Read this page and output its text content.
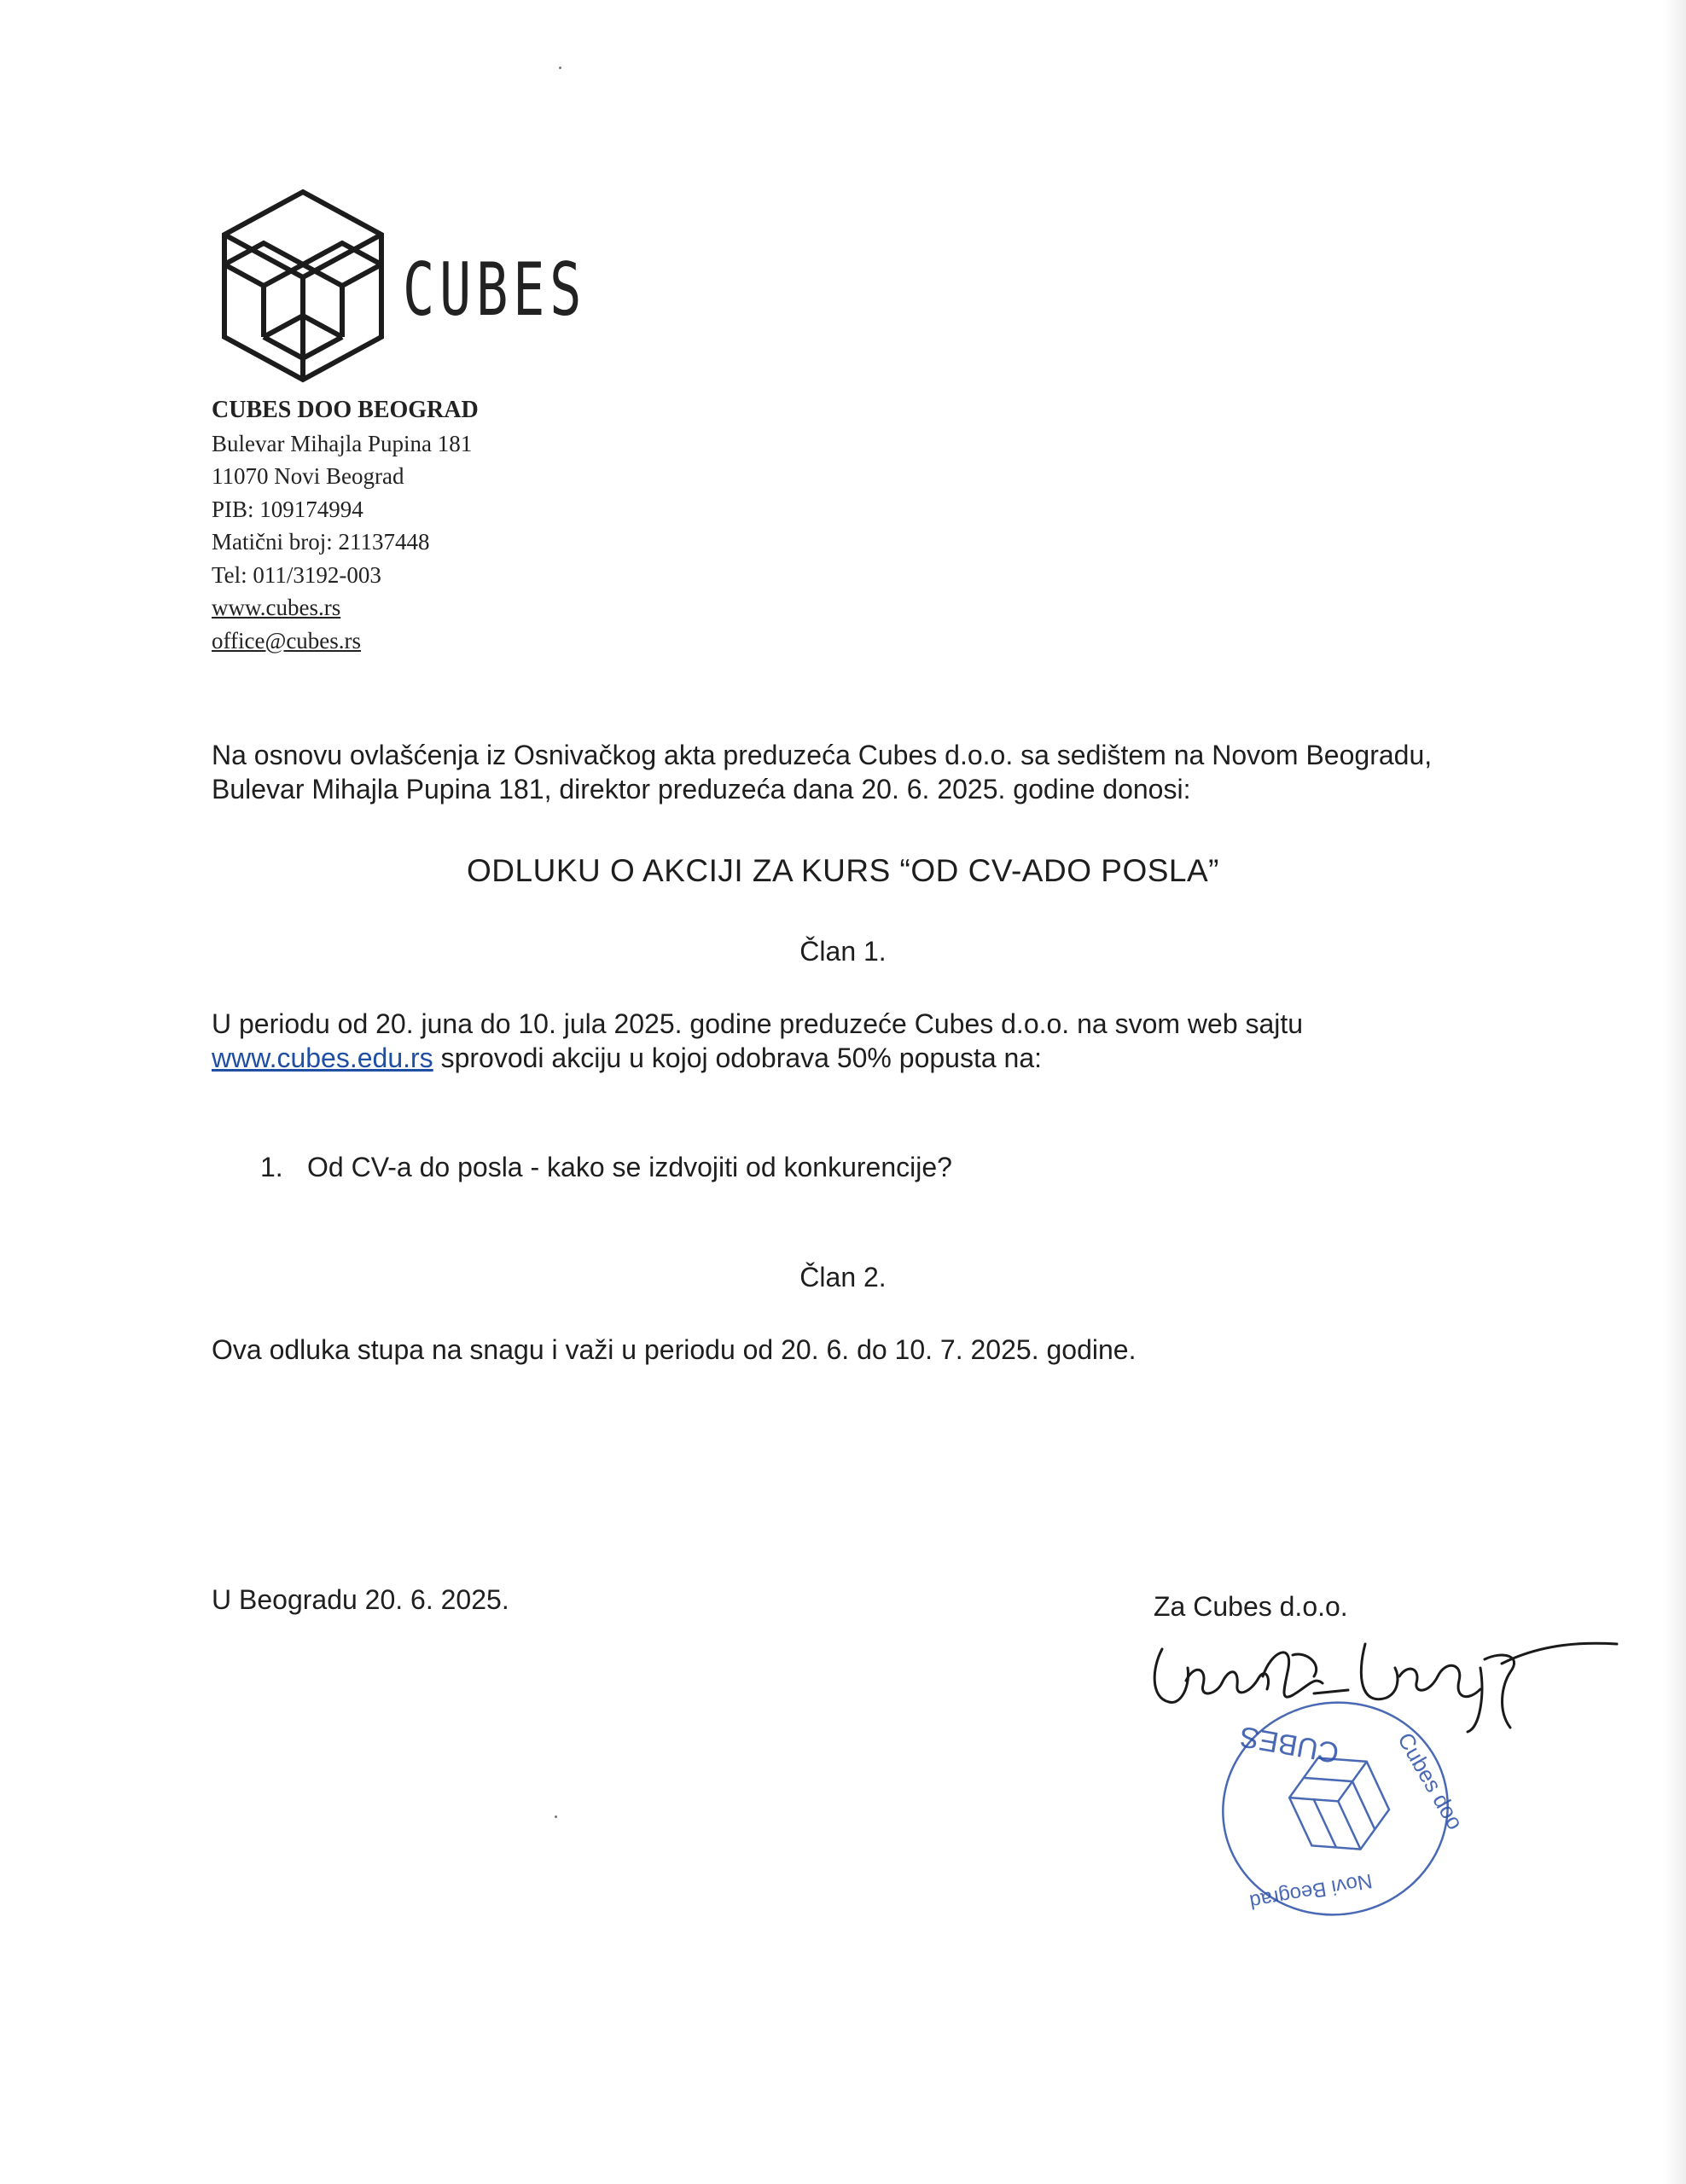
CUBES
CUBES DOO BEOGRAD
Bulevar Mihajla Pupina 181
11070 Novi Beograd
PIB: 109174994
Matični broj: 21137448
Tel: 011/3192-003
www.cubes.rs
office@cubes.rs
Na osnovu ovlašćenja iz Osnivačkog akta preduzeća Cubes d.o.o. sa sedištem na Novom Beogradu,
Bulevar Mihajla Pupina 181, direktor preduzeća dana 20. 6. 2025. godine donosi:
ODLUKU O AKCIJI ZA KURS “OD CV-ADO POSLA”
Član 1.
U periodu od 20. juna do 10. jula 2025. godine preduzeće Cubes d.o.o. na svom web sajtu
www.cubes.edu.rs sprovodi akciju u kojoj odobrava 50% popusta na:
1. Od CV-a do posla - kako se izdvojiti od konkurencije?
Član 2.
Ova odluka stupa na snagu i važi u periodu od 20. 6. do 10. 7. 2025. godine.
U Beogradu 20. 6. 2025.	Za Cubes d.o.o.
CUBES Cubes doo
Novi Beograd
